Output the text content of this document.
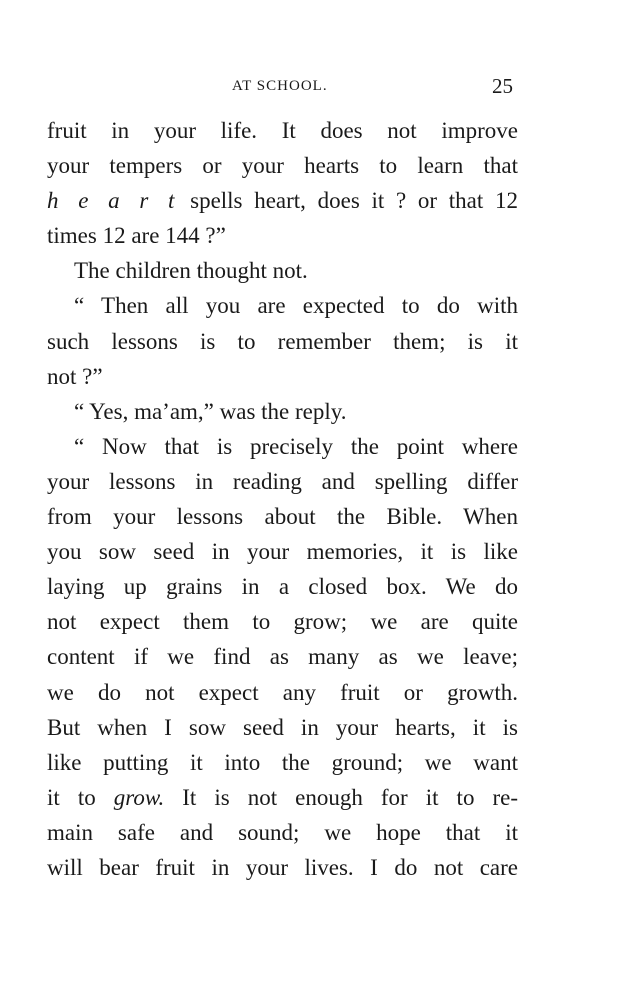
AT SCHOOL.	25
fruit in your life. It does not improve
your tempers or your hearts to learn that
h e a r t spells heart, does it ? or that 12
times 12 are 144 ?”
The children thought not.
“ Then all you are expected to do with
such lessons is to remember them; is it
not ?”
“ Yes, ma’am,” was the reply.
“ Now that is precisely the point where
your lessons in reading and spelling differ
from your lessons about the Bible. When
you sow seed in your memories, it is like
laying up grains in a closed box. We do
not expect them to grow; we are quite
content if we find as many as we leave;
we do not expect any fruit or growth.
But when I sow seed in your hearts, it is
like putting it into the ground; we want
it to grow. It is not enough for it to re-
main safe and sound; we hope that it
will bear fruit in your lives. I do not care
